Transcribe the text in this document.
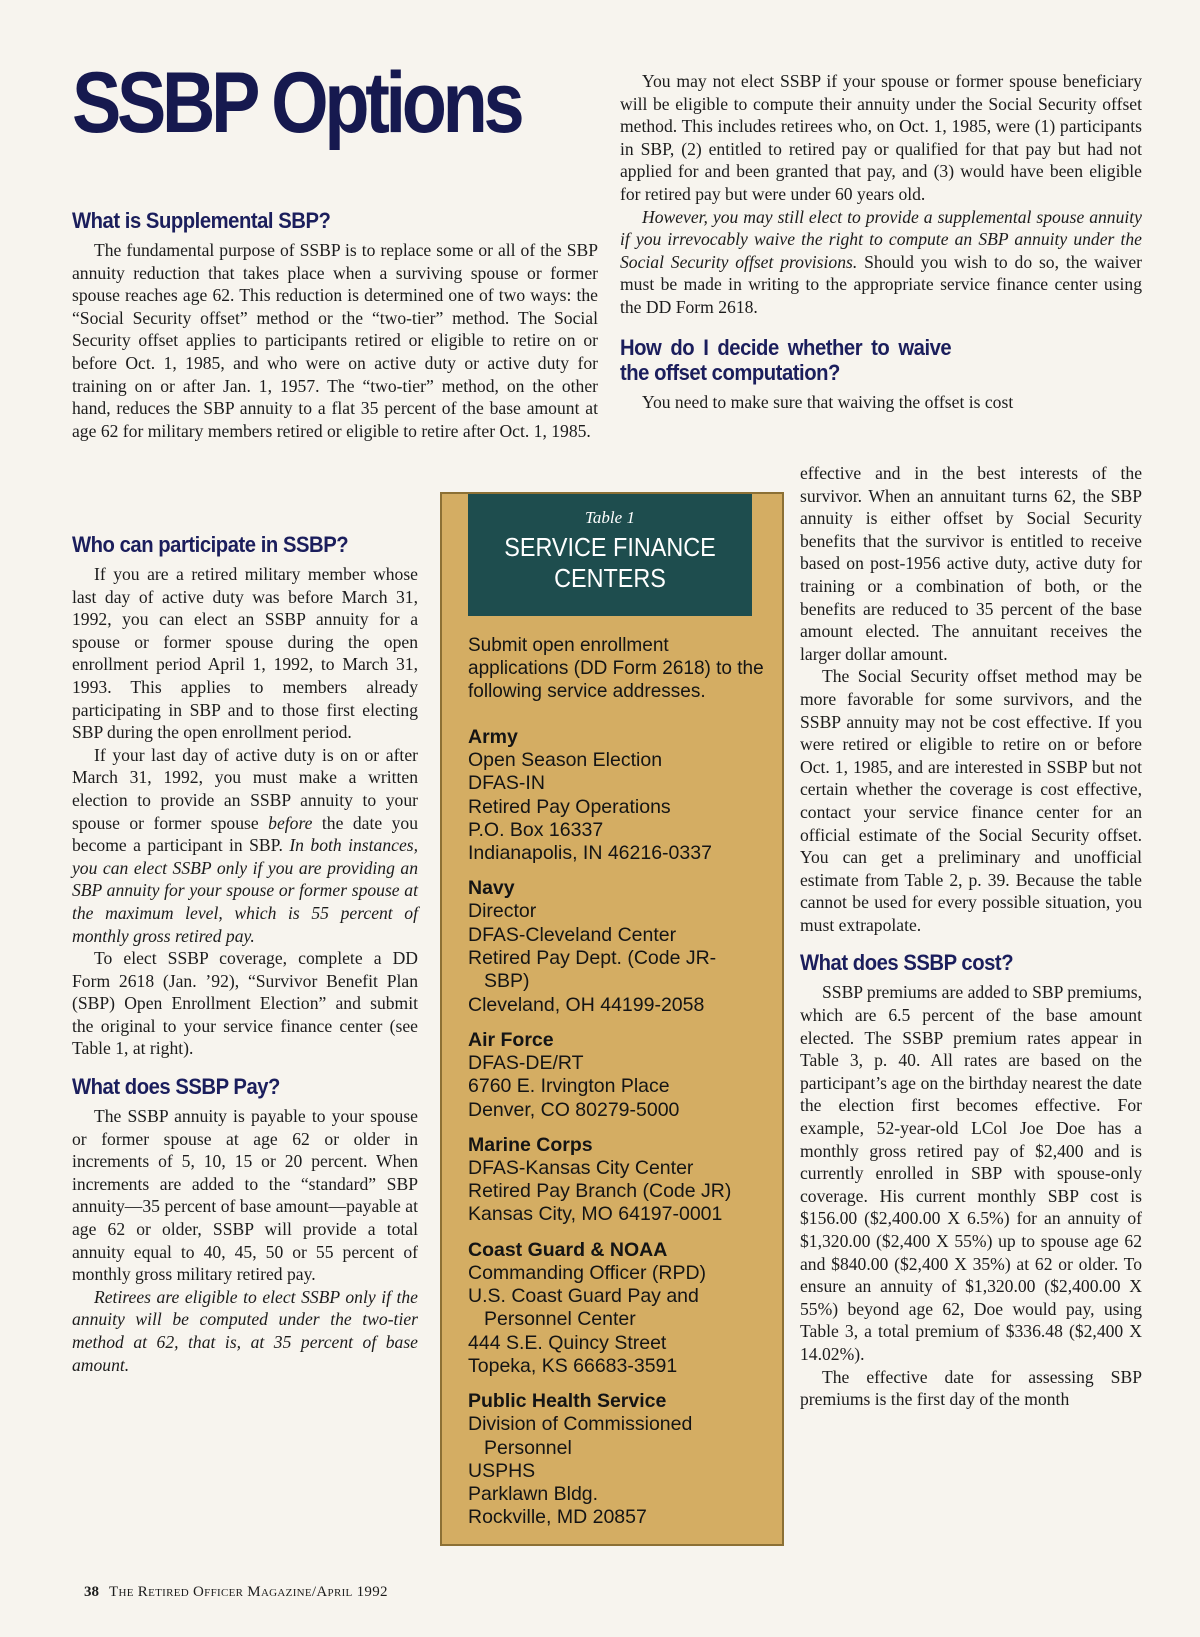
SSBP Options
What is Supplemental SBP?

The fundamental purpose of SSBP is to replace some or all of the SBP annuity reduction that takes place when a surviving spouse or former spouse reaches age 62. This reduction is determined one of two ways: the “Social Security offset” method or the “two-tier” method. The Social Security offset applies to participants retired or eligible to retire on or before Oct. 1, 1985, and who were on active duty or active duty for training on or after Jan. 1, 1957. The “two-tier” method, on the other hand, reduces the SBP annuity to a flat 35 percent of the base amount at age 62 for military members retired or eligible to retire after Oct. 1, 1985.

Who can participate in SSBP?

If you are a retired military member whose last day of active duty was before March 31, 1992, you can elect an SSBP annuity for a spouse or former spouse during the open enrollment period April 1, 1992, to March 31, 1993. This applies to members already participating in SBP and to those first electing SBP during the open enrollment period.

If your last day of active duty is on or after March 31, 1992, you must make a written election to provide an SSBP annuity to your spouse or former spouse before the date you become a participant in SBP. In both instances, you can elect SSBP only if you are providing an SBP annuity for your spouse or former spouse at the maximum level, which is 55 percent of monthly gross retired pay.

To elect SSBP coverage, complete a DD Form 2618 (Jan. ’92), “Survivor Benefit Plan (SBP) Open Enrollment Election” and submit the original to your service finance center (see Table 1, at right).

What does SSBP Pay?

The SSBP annuity is payable to your spouse or former spouse at age 62 or older in increments of 5, 10, 15 or 20 percent. When increments are added to the “standard” SBP annuity—35 percent of base amount—payable at age 62 or older, SSBP will provide a total annuity equal to 40, 45, 50 or 55 percent of monthly gross military retired pay.

Retirees are eligible to elect SSBP only if the annuity will be computed under the two-tier method at 62, that is, at 35 percent of base amount.

You may not elect SSBP if your spouse or former spouse beneficiary will be eligible to compute their annuity under the Social Security offset method. This includes retirees who, on Oct. 1, 1985, were (1) participants in SBP, (2) entitled to retired pay or qualified for that pay but had not applied for and been granted that pay, and (3) would have been eligible for retired pay but were under 60 years old.

However, you may still elect to provide a supplemental spouse annuity if you irrevocably waive the right to compute an SBP annuity under the Social Security offset provisions. Should you wish to do so, the waiver must be made in writing to the appropriate service finance center using the DD Form 2618.

How do I decide whether to waive the offset computation?

You need to make sure that waiving the offset is cost

effective and in the best interests of the survivor. When an annuitant turns 62, the SBP annuity is either offset by Social Security benefits that the survivor is entitled to receive based on post-1956 active duty, active duty for training or a combination of both, or the benefits are reduced to 35 percent of the base amount elected. The annuitant receives the larger dollar amount.

The Social Security offset method may be more favorable for some survivors, and the SSBP annuity may not be cost effective. If you were retired or eligible to retire on or before Oct. 1, 1985, and are interested in SSBP but not certain whether the coverage is cost effective, contact your service finance center for an official estimate of the Social Security offset. You can get a preliminary and unofficial estimate from Table 2, p. 39. Because the table cannot be used for every possible situation, you must extrapolate.

What does SSBP cost?

SSBP premiums are added to SBP premiums, which are 6.5 percent of the base amount elected. The SSBP premium rates appear in Table 3, p. 40. All rates are based on the participant’s age on the birthday nearest the date the election first becomes effective. For example, 52-year-old LCol Joe Doe has a monthly gross retired pay of $2,400 and is currently enrolled in SBP with spouse-only coverage. His current monthly SBP cost is $156.00 ($2,400.00 X 6.5%) for an annuity of $1,320.00 ($2,400 X 55%) up to spouse age 62 and $840.00 ($2,400 X 35%) at 62 or older. To ensure an annuity of $1,320.00 ($2,400.00 X 55%) beyond age 62, Doe would pay, using Table 3, a total premium of $336.48 ($2,400 X 14.02%).

The effective date for assessing SBP premiums is the first day of the month

Table 1
SERVICE FINANCE CENTERS
Submit open enrollment applications (DD Form 2618) to the following service addresses.
Army
Open Season Election
DFAS-IN
Retired Pay Operations
P.O. Box 16337
Indianapolis, IN 46216-0337
Navy
Director
DFAS-Cleveland Center
Retired Pay Dept. (Code JR-
SBP)
Cleveland, OH 44199-2058
Air Force
DFAS-DE/RT
6760 E. Irvington Place
Denver, CO 80279-5000
Marine Corps
DFAS-Kansas City Center
Retired Pay Branch (Code JR)
Kansas City, MO 64197-0001
Coast Guard & NOAA
Commanding Officer (RPD)
U.S. Coast Guard Pay and
Personnel Center
444 S.E. Quincy Street
Topeka, KS 66683-3591
Public Health Service
Division of Commissioned
Personnel
USPHS
Parklawn Bldg.
Rockville, MD 20857
38 The Retired Officer Magazine/April 1992
